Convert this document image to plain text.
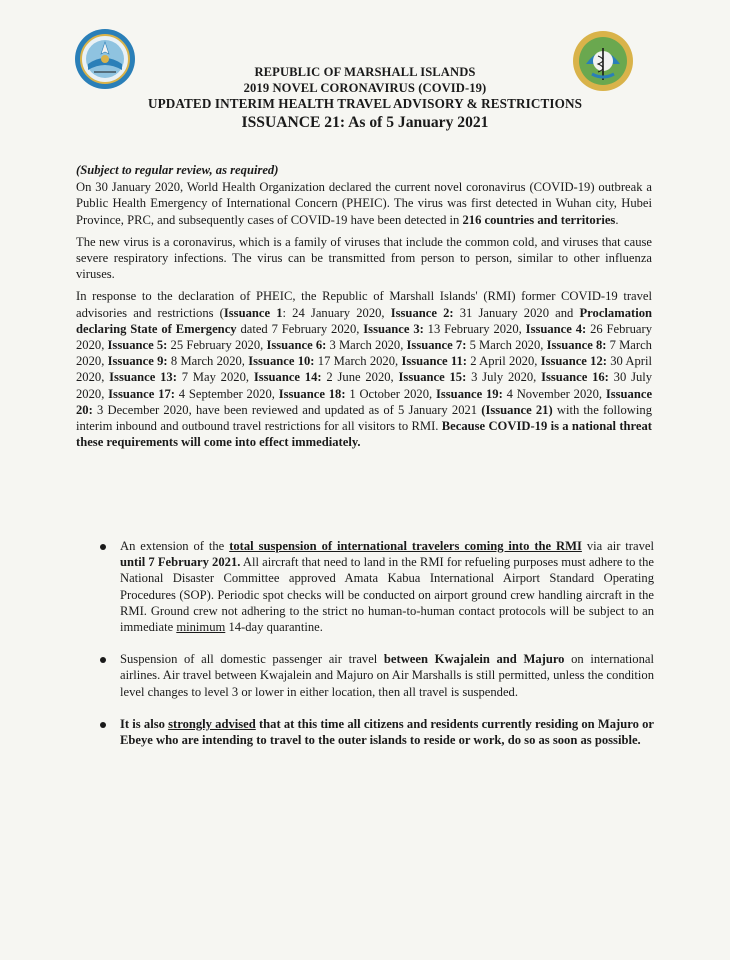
REPUBLIC OF MARSHALL ISLANDS
2019 NOVEL CORONAVIRUS (COVID-19)
UPDATED INTERIM HEALTH TRAVEL ADVISORY & RESTRICTIONS
ISSUANCE 21: As of 5 January 2021
(Subject to regular review, as required)

On 30 January 2020, World Health Organization declared the current novel coronavirus (COVID-19) outbreak a Public Health Emergency of International Concern (PHEIC). The virus was first detected in Wuhan city, Hubei Province, PRC, and subsequently cases of COVID-19 have been detected in 216 countries and territories.

The new virus is a coronavirus, which is a family of viruses that include the common cold, and viruses that cause severe respiratory infections. The virus can be transmitted from person to person, similar to other influenza viruses.

In response to the declaration of PHEIC, the Republic of Marshall Islands' (RMI) former COVID-19 travel advisories and restrictions (Issuance 1: 24 January 2020, Issuance 2: 31 January 2020 and Proclamation declaring State of Emergency dated 7 February 2020, Issuance 3: 13 February 2020, Issuance 4: 26 February 2020, Issuance 5: 25 February 2020, Issuance 6: 3 March 2020, Issuance 7: 5 March 2020, Issuance 8: 7 March 2020, Issuance 9: 8 March 2020, Issuance 10: 17 March 2020, Issuance 11: 2 April 2020, Issuance 12: 30 April 2020, Issuance 13: 7 May 2020, Issuance 14: 2 June 2020, Issuance 15: 3 July 2020, Issuance 16: 30 July 2020, Issuance 17: 4 September 2020, Issuance 18: 1 October 2020, Issuance 19: 4 November 2020, Issuance 20: 3 December 2020, have been reviewed and updated as of 5 January 2021 (Issuance 21) with the following interim inbound and outbound travel restrictions for all visitors to RMI. Because COVID-19 is a national threat these requirements will come into effect immediately.

An extension of the total suspension of international travelers coming into the RMI via air travel until 7 February 2021. All aircraft that need to land in the RMI for refueling purposes must adhere to the National Disaster Committee approved Amata Kabua International Airport Standard Operating Procedures (SOP). Periodic spot checks will be conducted on airport ground crew handling aircraft in the RMI. Ground crew not adhering to the strict no human-to-human contact protocols will be subject to an immediate minimum 14-day quarantine.
Suspension of all domestic passenger air travel between Kwajalein and Majuro on international airlines. Air travel between Kwajalein and Majuro on Air Marshalls is still permitted, unless the condition level changes to level 3 or lower in either location, then all travel is suspended.
It is also strongly advised that at this time all citizens and residents currently residing on Majuro or Ebeye who are intending to travel to the outer islands to reside or work, do so as soon as possible.
